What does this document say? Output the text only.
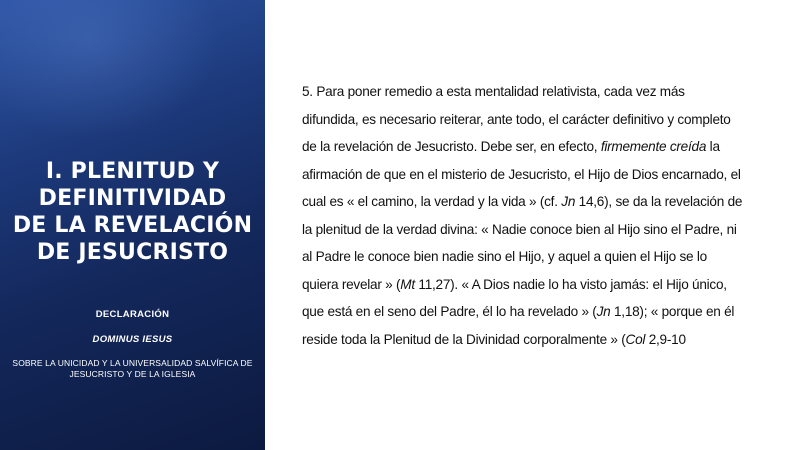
I. PLENITUD Y
DEFINITIVIDAD
DE LA REVELACIÓN
DE JESUCRISTO
DECLARACIÓN
DOMINUS IESUS
SOBRE LA UNICIDAD Y LA UNIVERSALIDAD SALVÍFICA DE
JESUCRISTO Y DE LA IGLESIA
5. Para poner remedio a esta mentalidad relativista, cada vez más
difundida, es necesario reiterar, ante todo, el carácter definitivo y completo
de la revelación de Jesucristo. Debe ser, en efecto, firmemente creída la
afirmación de que en el misterio de Jesucristo, el Hijo de Dios encarnado, el
cual es « el camino, la verdad y la vida » (cf. Jn 14,6), se da la revelación de
la plenitud de la verdad divina: « Nadie conoce bien al Hijo sino el Padre, ni
al Padre le conoce bien nadie sino el Hijo, y aquel a quien el Hijo se lo
quiera revelar » (Mt 11,27). « A Dios nadie lo ha visto jamás: el Hijo único,
que está en el seno del Padre, él lo ha revelado » (Jn 1,18); « porque en él
reside toda la Plenitud de la Divinidad corporalmente » (Col 2,9-10
